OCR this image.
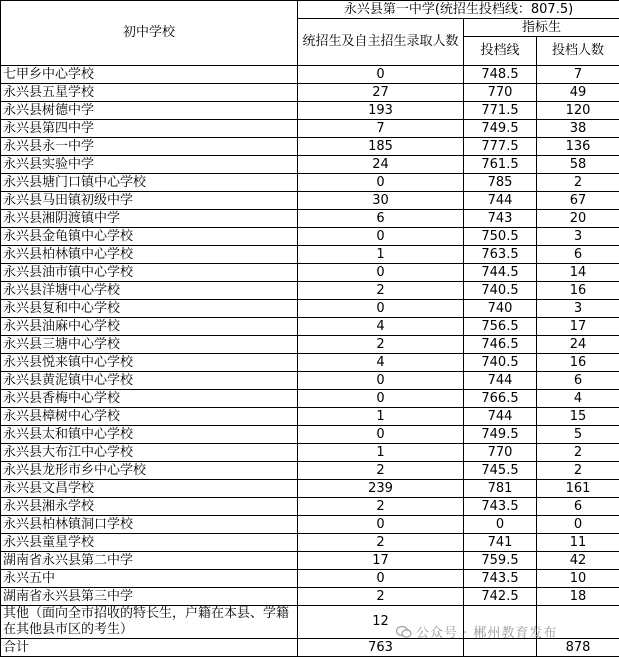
初中学校	永兴县第一中学(统招生投档线：807.5)		
	统招生及自主招生录取人数	指标生	
		投档线	投档人数
七甲乡中心学校	0	748.5	7
永兴县五星学校	27	770	49
永兴县树德中学	193	771.5	120
永兴县第四中学	7	749.5	38
永兴县永一中学	185	777.5	136
永兴县实验中学	24	761.5	58
永兴县塘门口镇中心学校	0	785	2
永兴县马田镇初级中学	30	744	67
永兴县湘阴渡镇中学	6	743	20
永兴县金龟镇中心学校	0	750.5	3
永兴县柏林镇中心学校	1	763.5	6
永兴县油市镇中心学校	0	744.5	14
永兴县洋塘中心学校	2	740.5	16
永兴县复和中心学校	0	740	3
永兴县油麻中心学校	4	756.5	17
永兴县三塘中心学校	2	746.5	24
永兴县悦来镇中心学校	4	740.5	16
永兴县黄泥镇中心学校	0	744	6
永兴县香梅中心学校	0	766.5	4
永兴县樟树中心学校	1	744	15
永兴县太和镇中心学校	0	749.5	5
永兴县大布江中心学校	1	770	2
永兴县龙形市乡中心学校	2	745.5	2
永兴县文昌学校	239	781	161
永兴县湘永学校	2	743.5	6
永兴县柏林镇洞口学校	0	0	0
永兴县童星学校	2	741	11
湖南省永兴县第二中学	17	759.5	42
永兴五中	0	743.5	10
湖南省永兴县第三中学	2	742.5	18
其他（面向全市招收的特长生，户籍在本县、学籍在其他县市区的考生）	12		
合计	763		878
公众号 · 郴州教育发布
